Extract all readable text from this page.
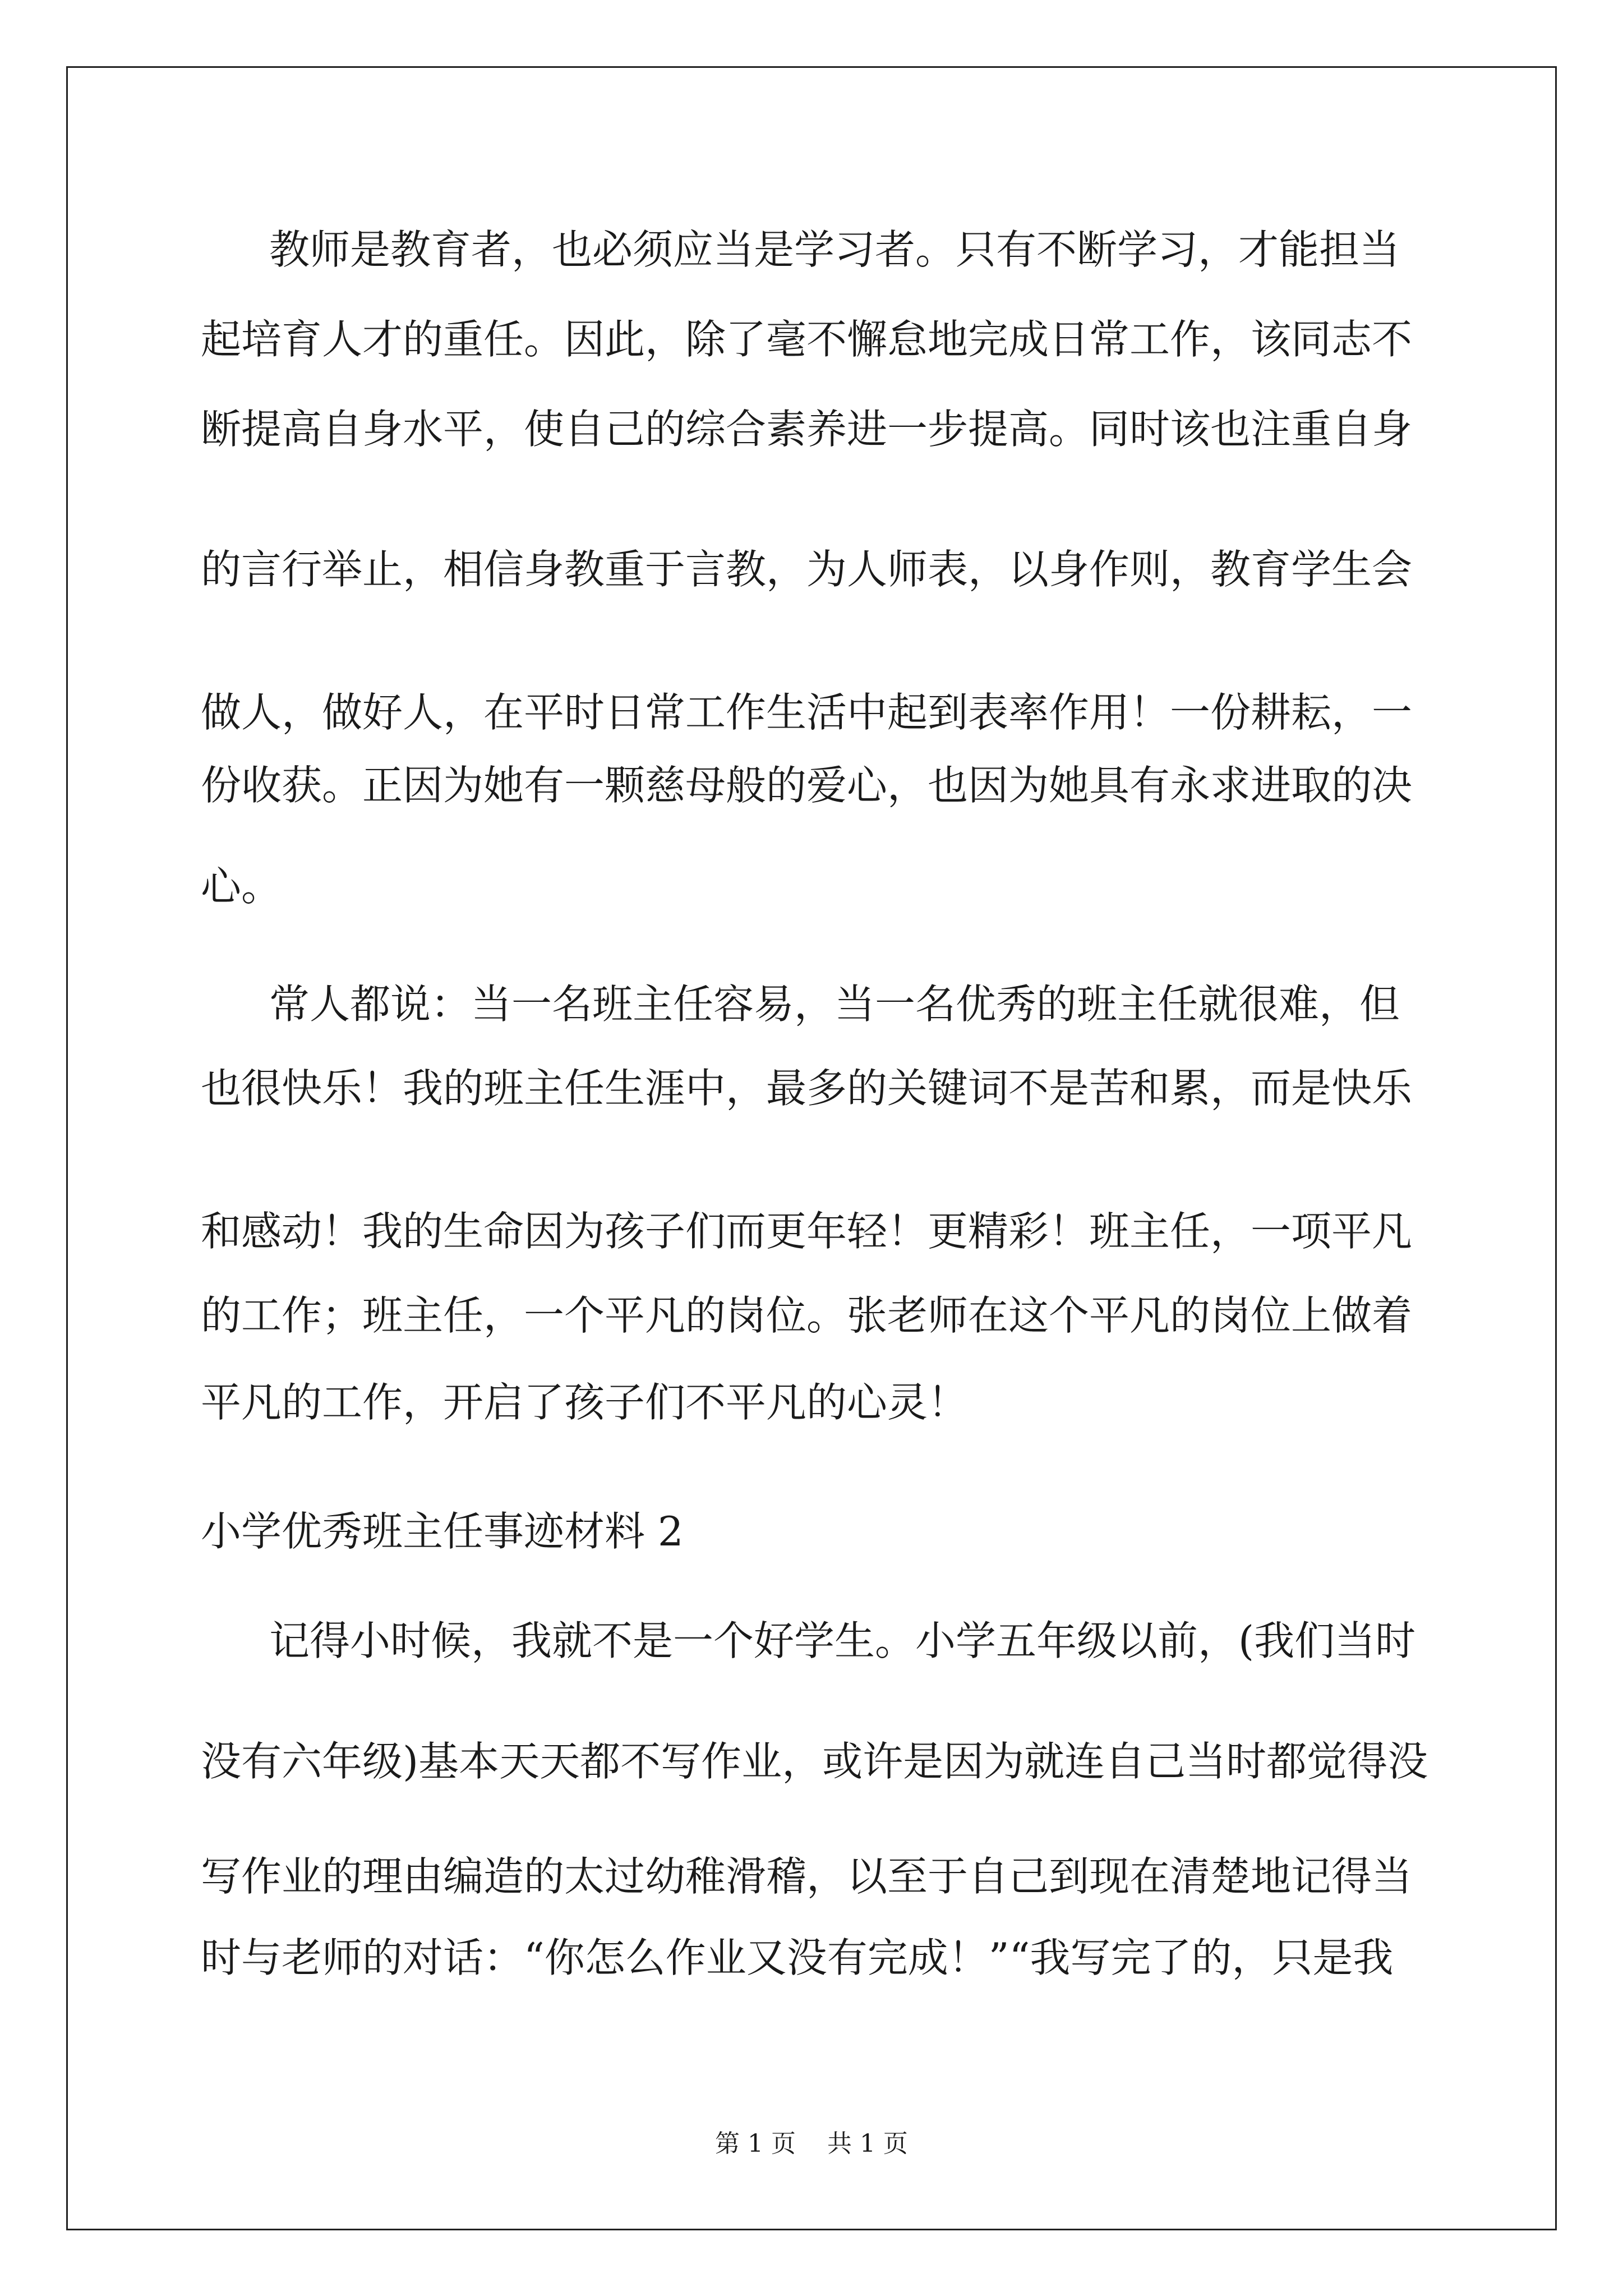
教师是教育者，也必须应当是学习者。只有不断学习，才能担当

起培育人才的重任。因此，除了毫不懈怠地完成日常工作，该同志不

断提高自身水平，使自己的综合素养进一步提高。同时该也注重自身

的言行举止，相信身教重于言教，为人师表，以身作则，教育学生会

做人，做好人，在平时日常工作生活中起到表率作用！一份耕耘，一

份收获。正因为她有一颗慈母般的爱心，也因为她具有永求进取的决

心。

常人都说：当一名班主任容易，当一名优秀的班主任就很难，但

也很快乐！我的班主任生涯中，最多的关键词不是苦和累，而是快乐

和感动！我的生命因为孩子们而更年轻！更精彩！班主任，一项平凡

的工作；班主任，一个平凡的岗位。张老师在这个平凡的岗位上做着

平凡的工作，开启了孩子们不平凡的心灵！

小学优秀班主任事迹材料 2

记得小时候，我就不是一个好学生。小学五年级以前，(我们当时

没有六年级)基本天天都不写作业，或许是因为就连自己当时都觉得没

写作业的理由编造的太过幼稚滑稽，以至于自己到现在清楚地记得当

时与老师的对话：“你怎么作业又没有完成！”“我写完了的，只是我

第 1 页    共 1 页
